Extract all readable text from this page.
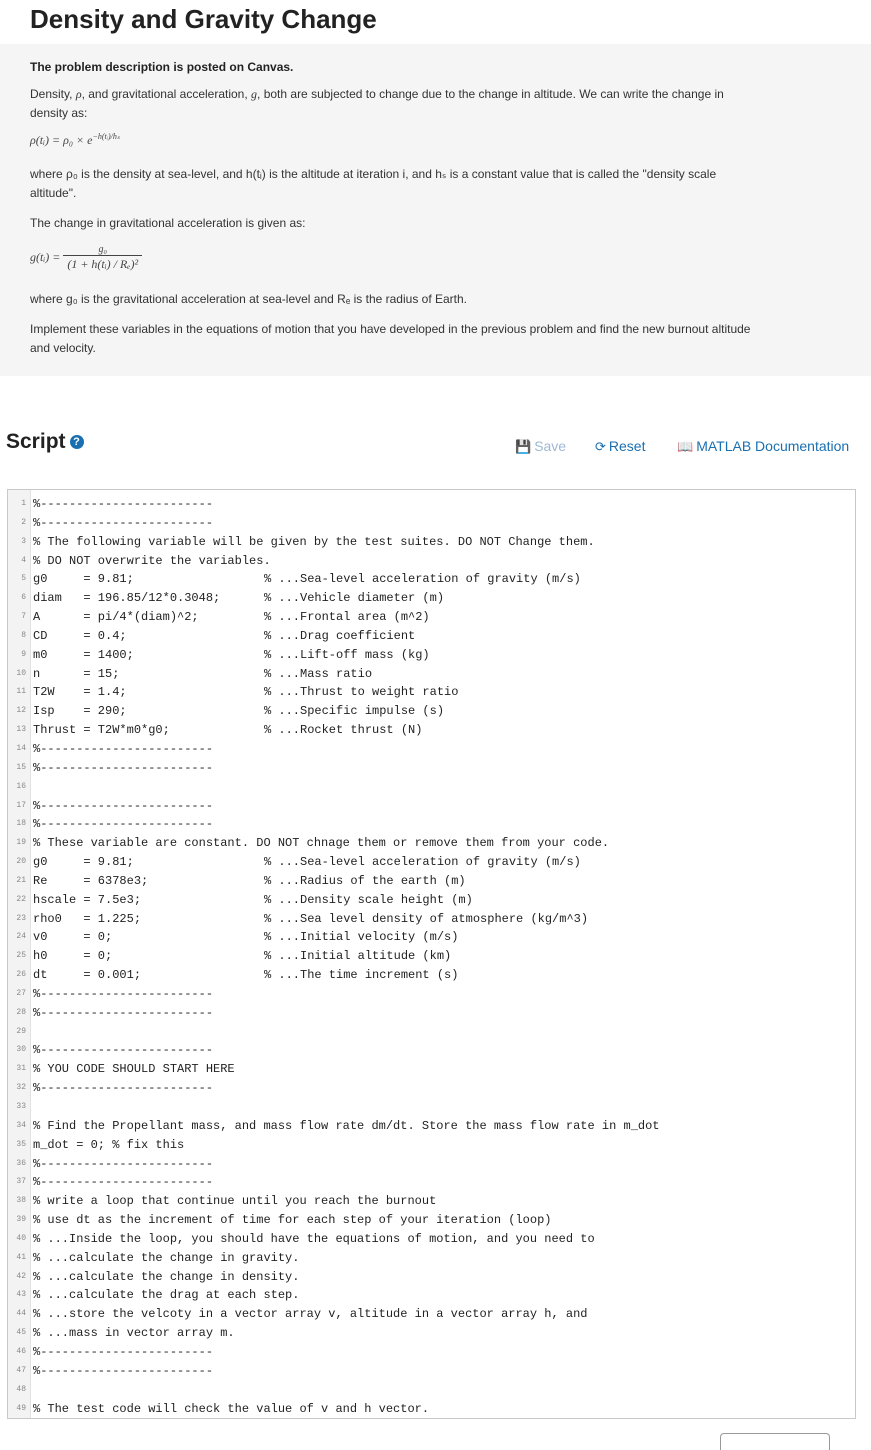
Density and Gravity Change

The problem description is posted on Canvas.

Density, ρ, and gravitational acceleration, g, both are subjected to change due to the change in altitude. We can write the change in
density as:

ρ(tᵢ) = $\rho_0 \times e^{-h(tᵢ)/h_s}$

where ρ₀ is the density at sea-level, and h(tᵢ) is the altitude at iteration i, and hₛ is a constant value that is called the "density scale
altitude".

The change in gravitational acceleration is given as:

g(tᵢ) = $\frac{\text{g₀}}{\text{(1 + h(tᵢ) / Rₑ)²}}$

where g₀ is the gravitational acceleration at sea-level and Rₑ is the radius of Earth.

Implement these variables in the equations of motion that you have developed in the previous problem and find the new burnout altitude
and velocity.

Script ?	💾 Save ⟳ Reset 📖 MATLAB Documentation
1 %------------------------
2 %------------------------
3 % The following variable will be given by the test suites. DO NOT Change them.
4 % DO NOT overwrite the variables.
5 g0     = 9.81;	% ...Sea-level acceleration of gravity (m/s)
6 diam   = 196.85/12*0.3048;	% ...Vehicle diameter (m)
7 A      = pi/4*(diam)^2;	% ...Frontal area (m^2)
8 CD     = 0.4;	% ...Drag coefficient
9 m0     = 1400;	% ...Lift-off mass (kg)
10 n      = 15;	% ...Mass ratio
11 T2W    = 1.4;	% ...Thrust to weight ratio
12 Isp    = 290;	% ...Specific impulse (s)
13 Thrust = T2W*m0*g0;	% ...Rocket thrust (N)
14 %------------------------
15 %------------------------
16
17 %------------------------
18 %------------------------
19 % These variable are constant. DO NOT chnage them or remove them from your code.
20 g0     = 9.81;	% ...Sea-level acceleration of gravity (m/s)
21 Re     = 6378e3;	% ...Radius of the earth (m)
22 hscale = 7.5e3;	% ...Density scale height (m)
23 rho0   = 1.225;	% ...Sea level density of atmosphere (kg/m^3)
24 v0     = 0;	% ...Initial velocity (m/s)
25 h0     = 0;	% ...Initial altitude (km)
26 dt     = 0.001;	% ...The time increment (s)
27 %------------------------
28 %------------------------
29
30 %------------------------
31 % YOU CODE SHOULD START HERE
32 %------------------------
33
34 % Find the Propellant mass, and mass flow rate dm/dt. Store the mass flow rate in m_dot
35 m_dot = 0; % fix this
36 %------------------------
37 %------------------------
38 % write a loop that continue until you reach the burnout
39 % use dt as the increment of time for each step of your iteration (loop)
40 % ...Inside the loop, you should have the equations of motion, and you need to
41 % ...calculate the change in gravity.
42 % ...calculate the change in density.
43 % ...calculate the drag at each step.
44 % ...store the velcoty in a vector array v, altitude in a vector array h, and
45 % ...mass in vector array m.
46 %------------------------
47 %------------------------
48
49 % The test code will check the value of v and h vector.
